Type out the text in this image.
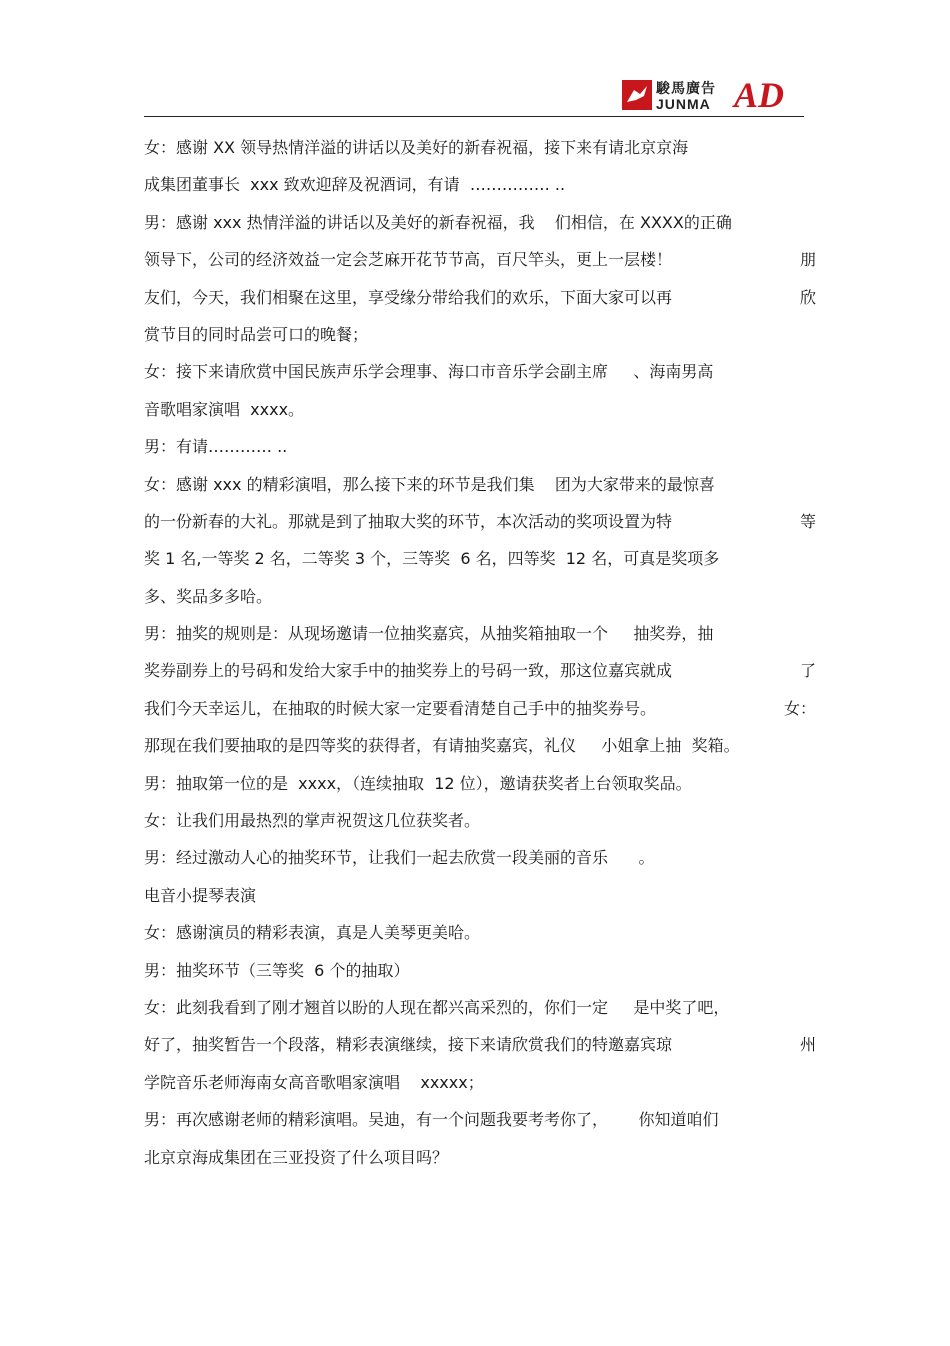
駿馬廣告
JUNMA AD
女：感谢 XX 领导热情洋溢的讲话以及美好的新春祝福，接下来有请北京京海
成集团董事长  xxx 致欢迎辞及祝酒词，有请  …………… ..
男：感谢 xxx 热情洋溢的讲话以及美好的新春祝福，我    们相信，在 XXXX的正确
领导下，公司的经济效益一定会芝麻开花节节高，百尺竿头，更上一层楼！	朋
友们，今天，我们相聚在这里，享受缘分带给我们的欢乐，下面大家可以再	欣
赏节目的同时品尝可口的晚餐；
女：接下来请欣赏中国民族声乐学会理事、海口市音乐学会副主席     、海南男高
音歌唱家演唱  xxxx。
男：有请………… ..
女：感谢 xxx 的精彩演唱，那么接下来的环节是我们集    团为大家带来的最惊喜
的一份新春的大礼。那就是到了抽取大奖的环节，本次活动的奖项设置为特	等
奖 1 名,一等奖 2 名，二等奖 3 个，三等奖  6 名，四等奖  12 名，可真是奖项多
多、奖品多多哈。
男：抽奖的规则是：从现场邀请一位抽奖嘉宾，从抽奖箱抽取一个     抽奖券，抽
奖券副券上的号码和发给大家手中的抽奖券上的号码一致，那这位嘉宾就成	了
我们今天幸运儿，在抽取的时候大家一定要看清楚自己手中的抽奖券号。	女：
那现在我们要抽取的是四等奖的获得者，有请抽奖嘉宾，礼仪     小姐拿上抽  奖箱。
男：抽取第一位的是  xxxx，（连续抽取  12 位），邀请获奖者上台领取奖品。
女：让我们用最热烈的掌声祝贺这几位获奖者。
男：经过激动人心的抽奖环节，让我们一起去欣赏一段美丽的音乐      。
电音小提琴表演
女：感谢演员的精彩表演，真是人美琴更美哈。
男：抽奖环节（三等奖  6 个的抽取）
女：此刻我看到了刚才翘首以盼的人现在都兴高采烈的，你们一定     是中奖了吧，
好了，抽奖暂告一个段落，精彩表演继续，接下来请欣赏我们的特邀嘉宾琼	州
学院音乐老师海南女高音歌唱家演唱    xxxxx；
男：再次感谢老师的精彩演唱。吴迪，有一个问题我要考考你了，      你知道咱们
北京京海成集团在三亚投资了什么项目吗？
